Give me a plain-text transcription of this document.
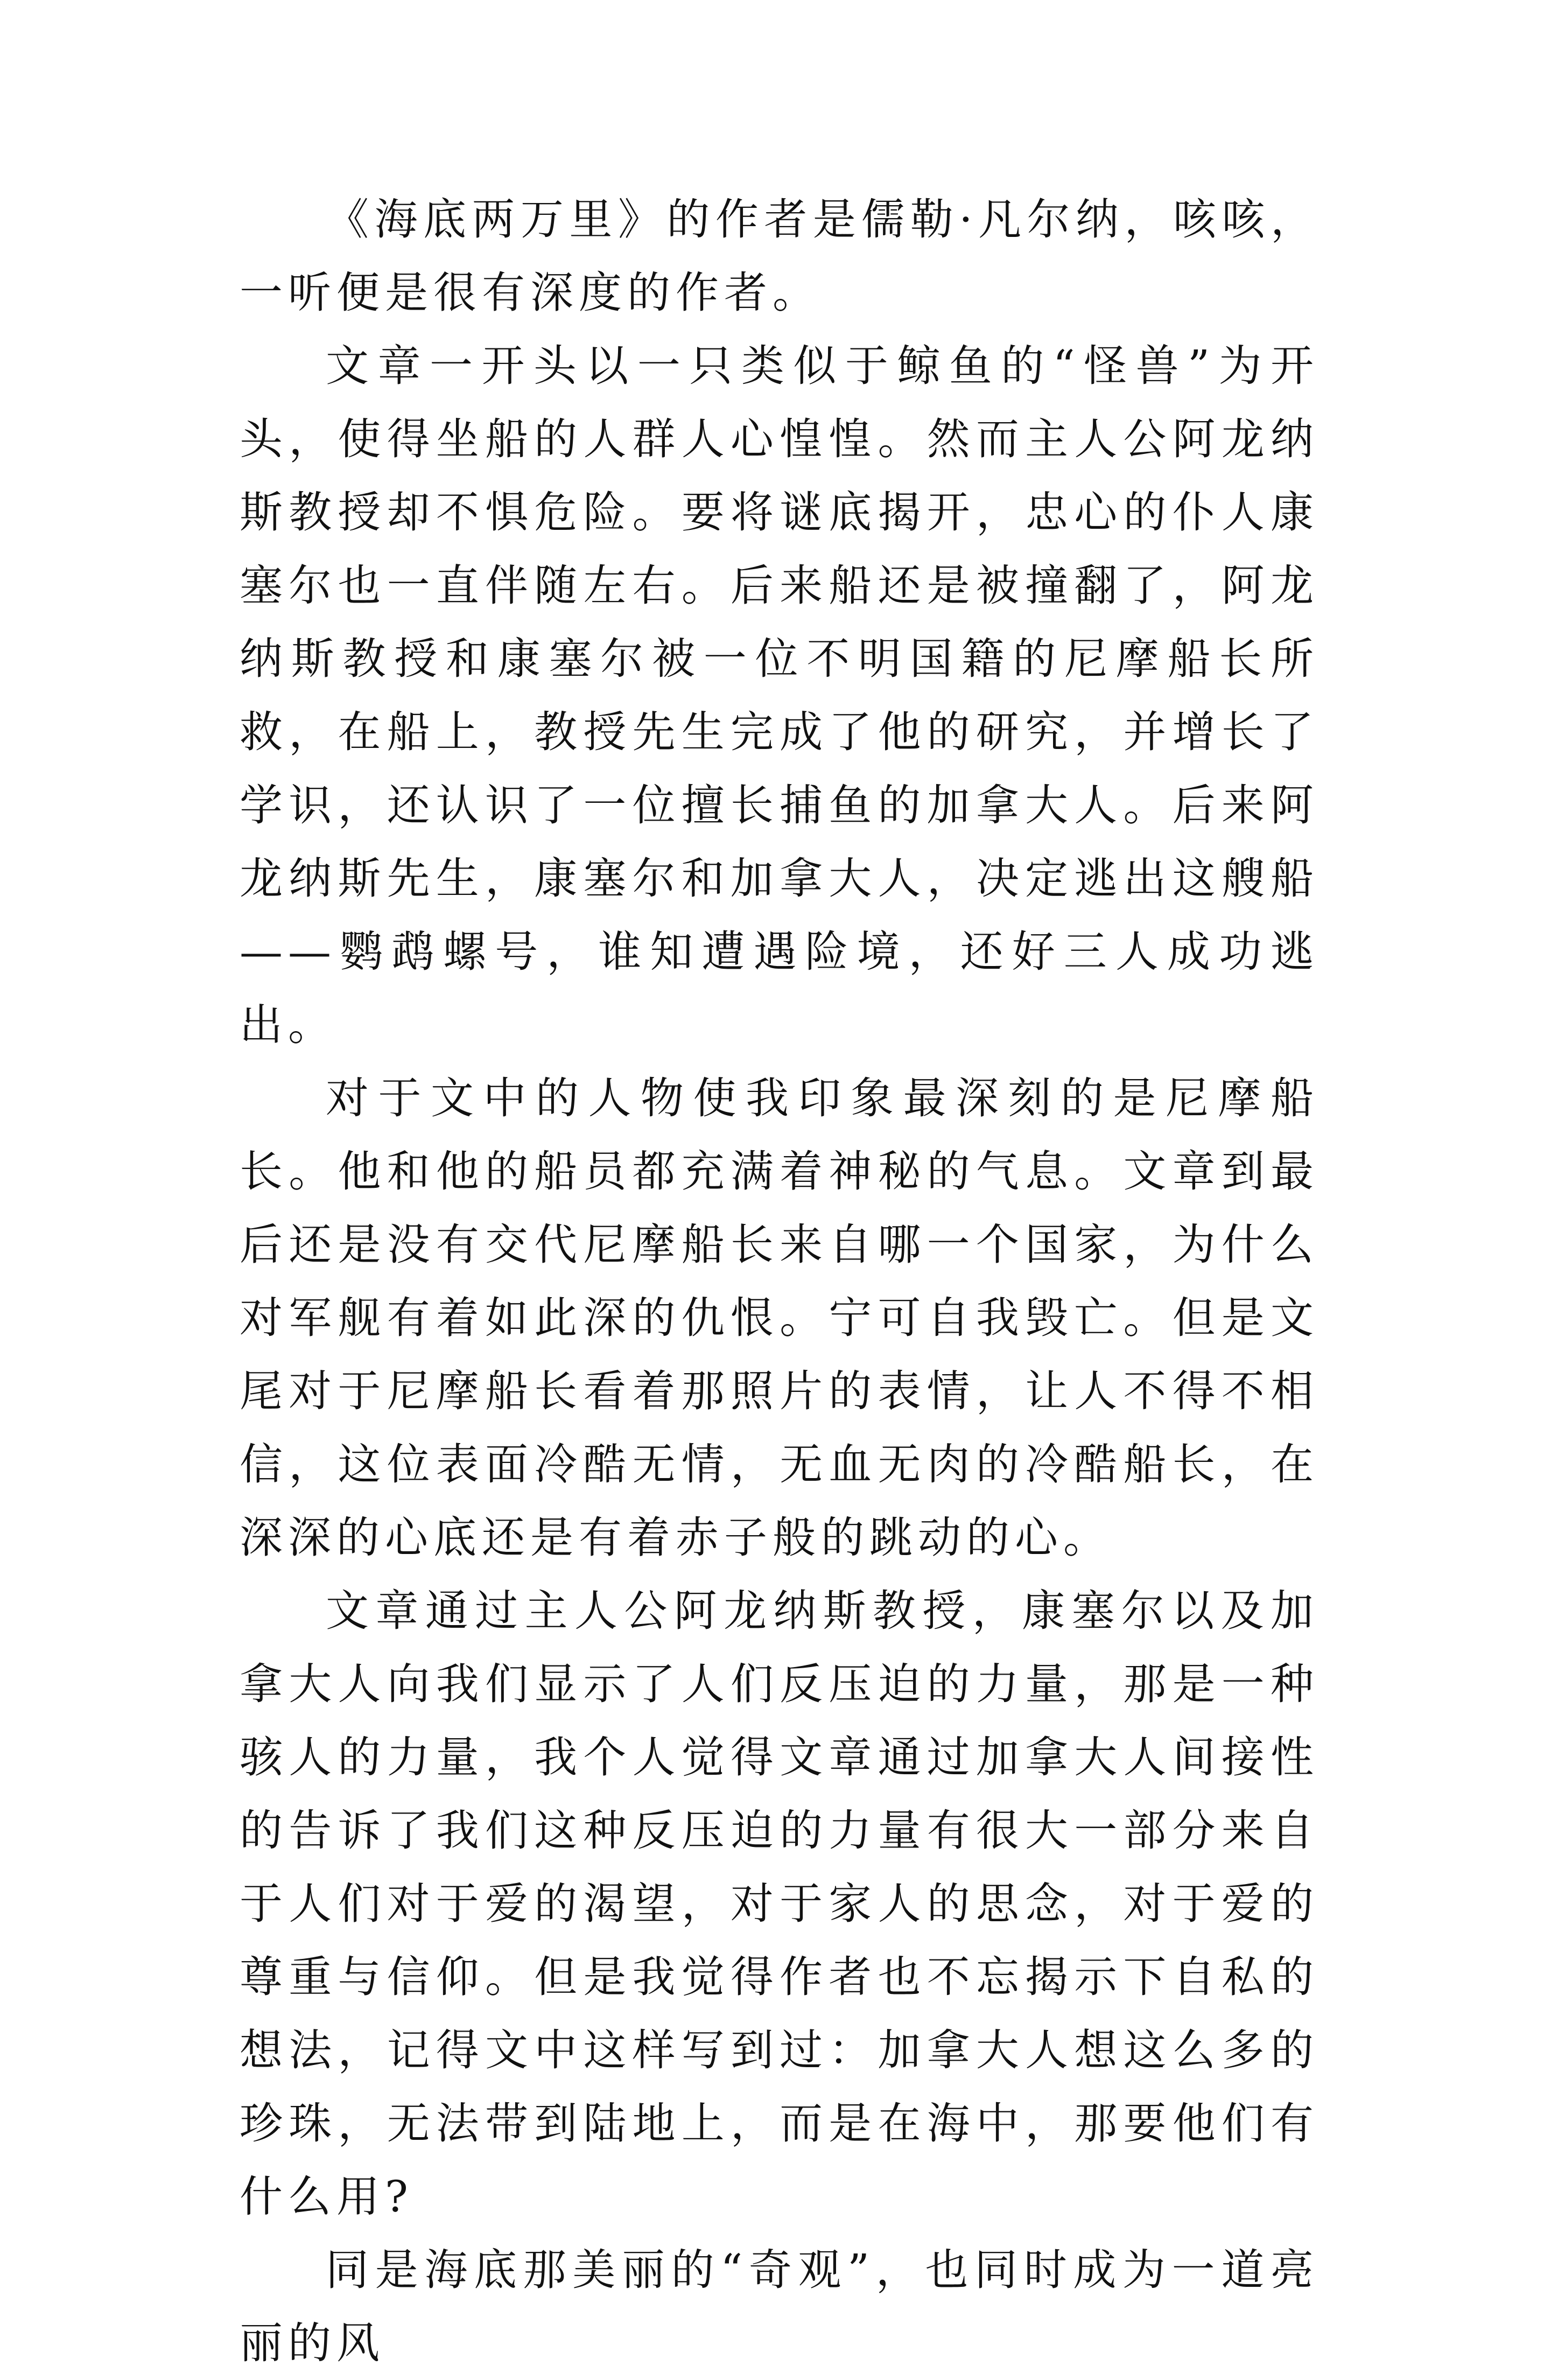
《海底两万里》的作者是儒勒·凡尔纳，咳咳，一听便是很有深度的作者。

文章一开头以一只类似于鲸鱼的“怪兽”为开头，使得坐船的人群人心惶惶。然而主人公阿龙纳斯教授却不惧危险。要将谜底揭开，忠心的仆人康塞尔也一直伴随左右。后来船还是被撞翻了，阿龙纳斯教授和康塞尔被一位不明国籍的尼摩船长所救，在船上，教授先生完成了他的研究，并增长了学识，还认识了一位擅长捕鱼的加拿大人。后来阿龙纳斯先生，康塞尔和加拿大人，决定逃出这艘船——鹦鹉螺号，谁知遭遇险境，还好三人成功逃出。

对于文中的人物使我印象最深刻的是尼摩船长。他和他的船员都充满着神秘的气息。文章到最后还是没有交代尼摩船长来自哪一个国家，为什么对军舰有着如此深的仇恨。宁可自我毁亡。但是文尾对于尼摩船长看着那照片的表情，让人不得不相信，这位表面冷酷无情，无血无肉的冷酷船长，在深深的心底还是有着赤子般的跳动的心。

文章通过主人公阿龙纳斯教授，康塞尔以及加拿大人向我们显示了人们反压迫的力量，那是一种骇人的力量，我个人觉得文章通过加拿大人间接性的告诉了我们这种反压迫的力量有很大一部分来自于人们对于爱的渴望，对于家人的思念，对于爱的尊重与信仰。但是我觉得作者也不忘揭示下自私的想法，记得文中这样写到过：加拿大人想这么多的珍珠，无法带到陆地上，而是在海中，那要他们有什么用?

同是海底那美丽的“奇观”，也同时成为一道亮丽的风
